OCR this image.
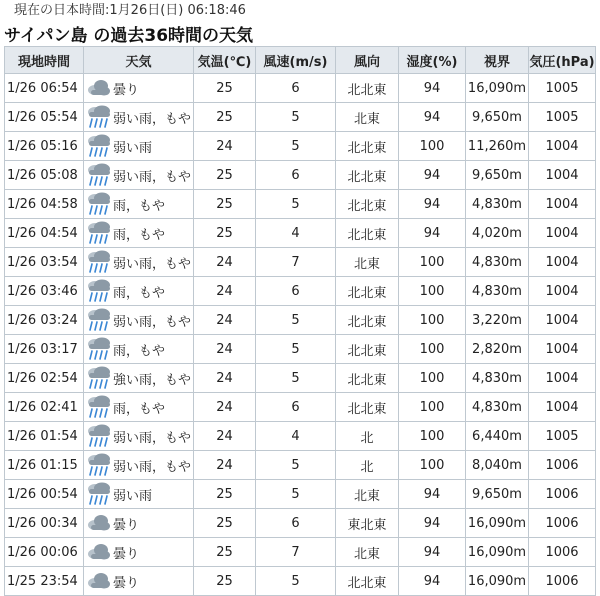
現在の日本時間:1月26日(日) 06:18:46
サイパン島 の過去36時間の天気
現地時間	天気	気温(℃)	風速(m/s)	風向	湿度(%)	視界	気圧(hPa)
1/26 06:54	曇り	25	6	北北東	94	16,090m	1005
1/26 05:54	弱い雨，もや	25	5	北東	94	9,650m	1005
1/26 05:16	弱い雨	24	5	北北東	100	11,260m	1004
1/26 05:08	弱い雨，もや	25	6	北北東	94	9,650m	1004
1/26 04:58	雨，もや	25	5	北北東	94	4,830m	1004
1/26 04:54	雨，もや	25	4	北北東	94	4,020m	1004
1/26 03:54	弱い雨，もや	24	7	北東	100	4,830m	1004
1/26 03:46	雨，もや	24	6	北北東	100	4,830m	1004
1/26 03:24	弱い雨，もや	24	5	北北東	100	3,220m	1004
1/26 03:17	雨，もや	24	5	北北東	100	2,820m	1004
1/26 02:54	強い雨，もや	24	5	北北東	100	4,830m	1004
1/26 02:41	雨，もや	24	6	北北東	100	4,830m	1004
1/26 01:54	弱い雨，もや	24	4	北	100	6,440m	1005
1/26 01:15	弱い雨，もや	24	5	北	100	8,040m	1006
1/26 00:54	弱い雨	25	5	北東	94	9,650m	1006
1/26 00:34	曇り	25	6	東北東	94	16,090m	1006
1/26 00:06	曇り	25	7	北東	94	16,090m	1006
1/25 23:54	曇り	25	5	北北東	94	16,090m	1006
